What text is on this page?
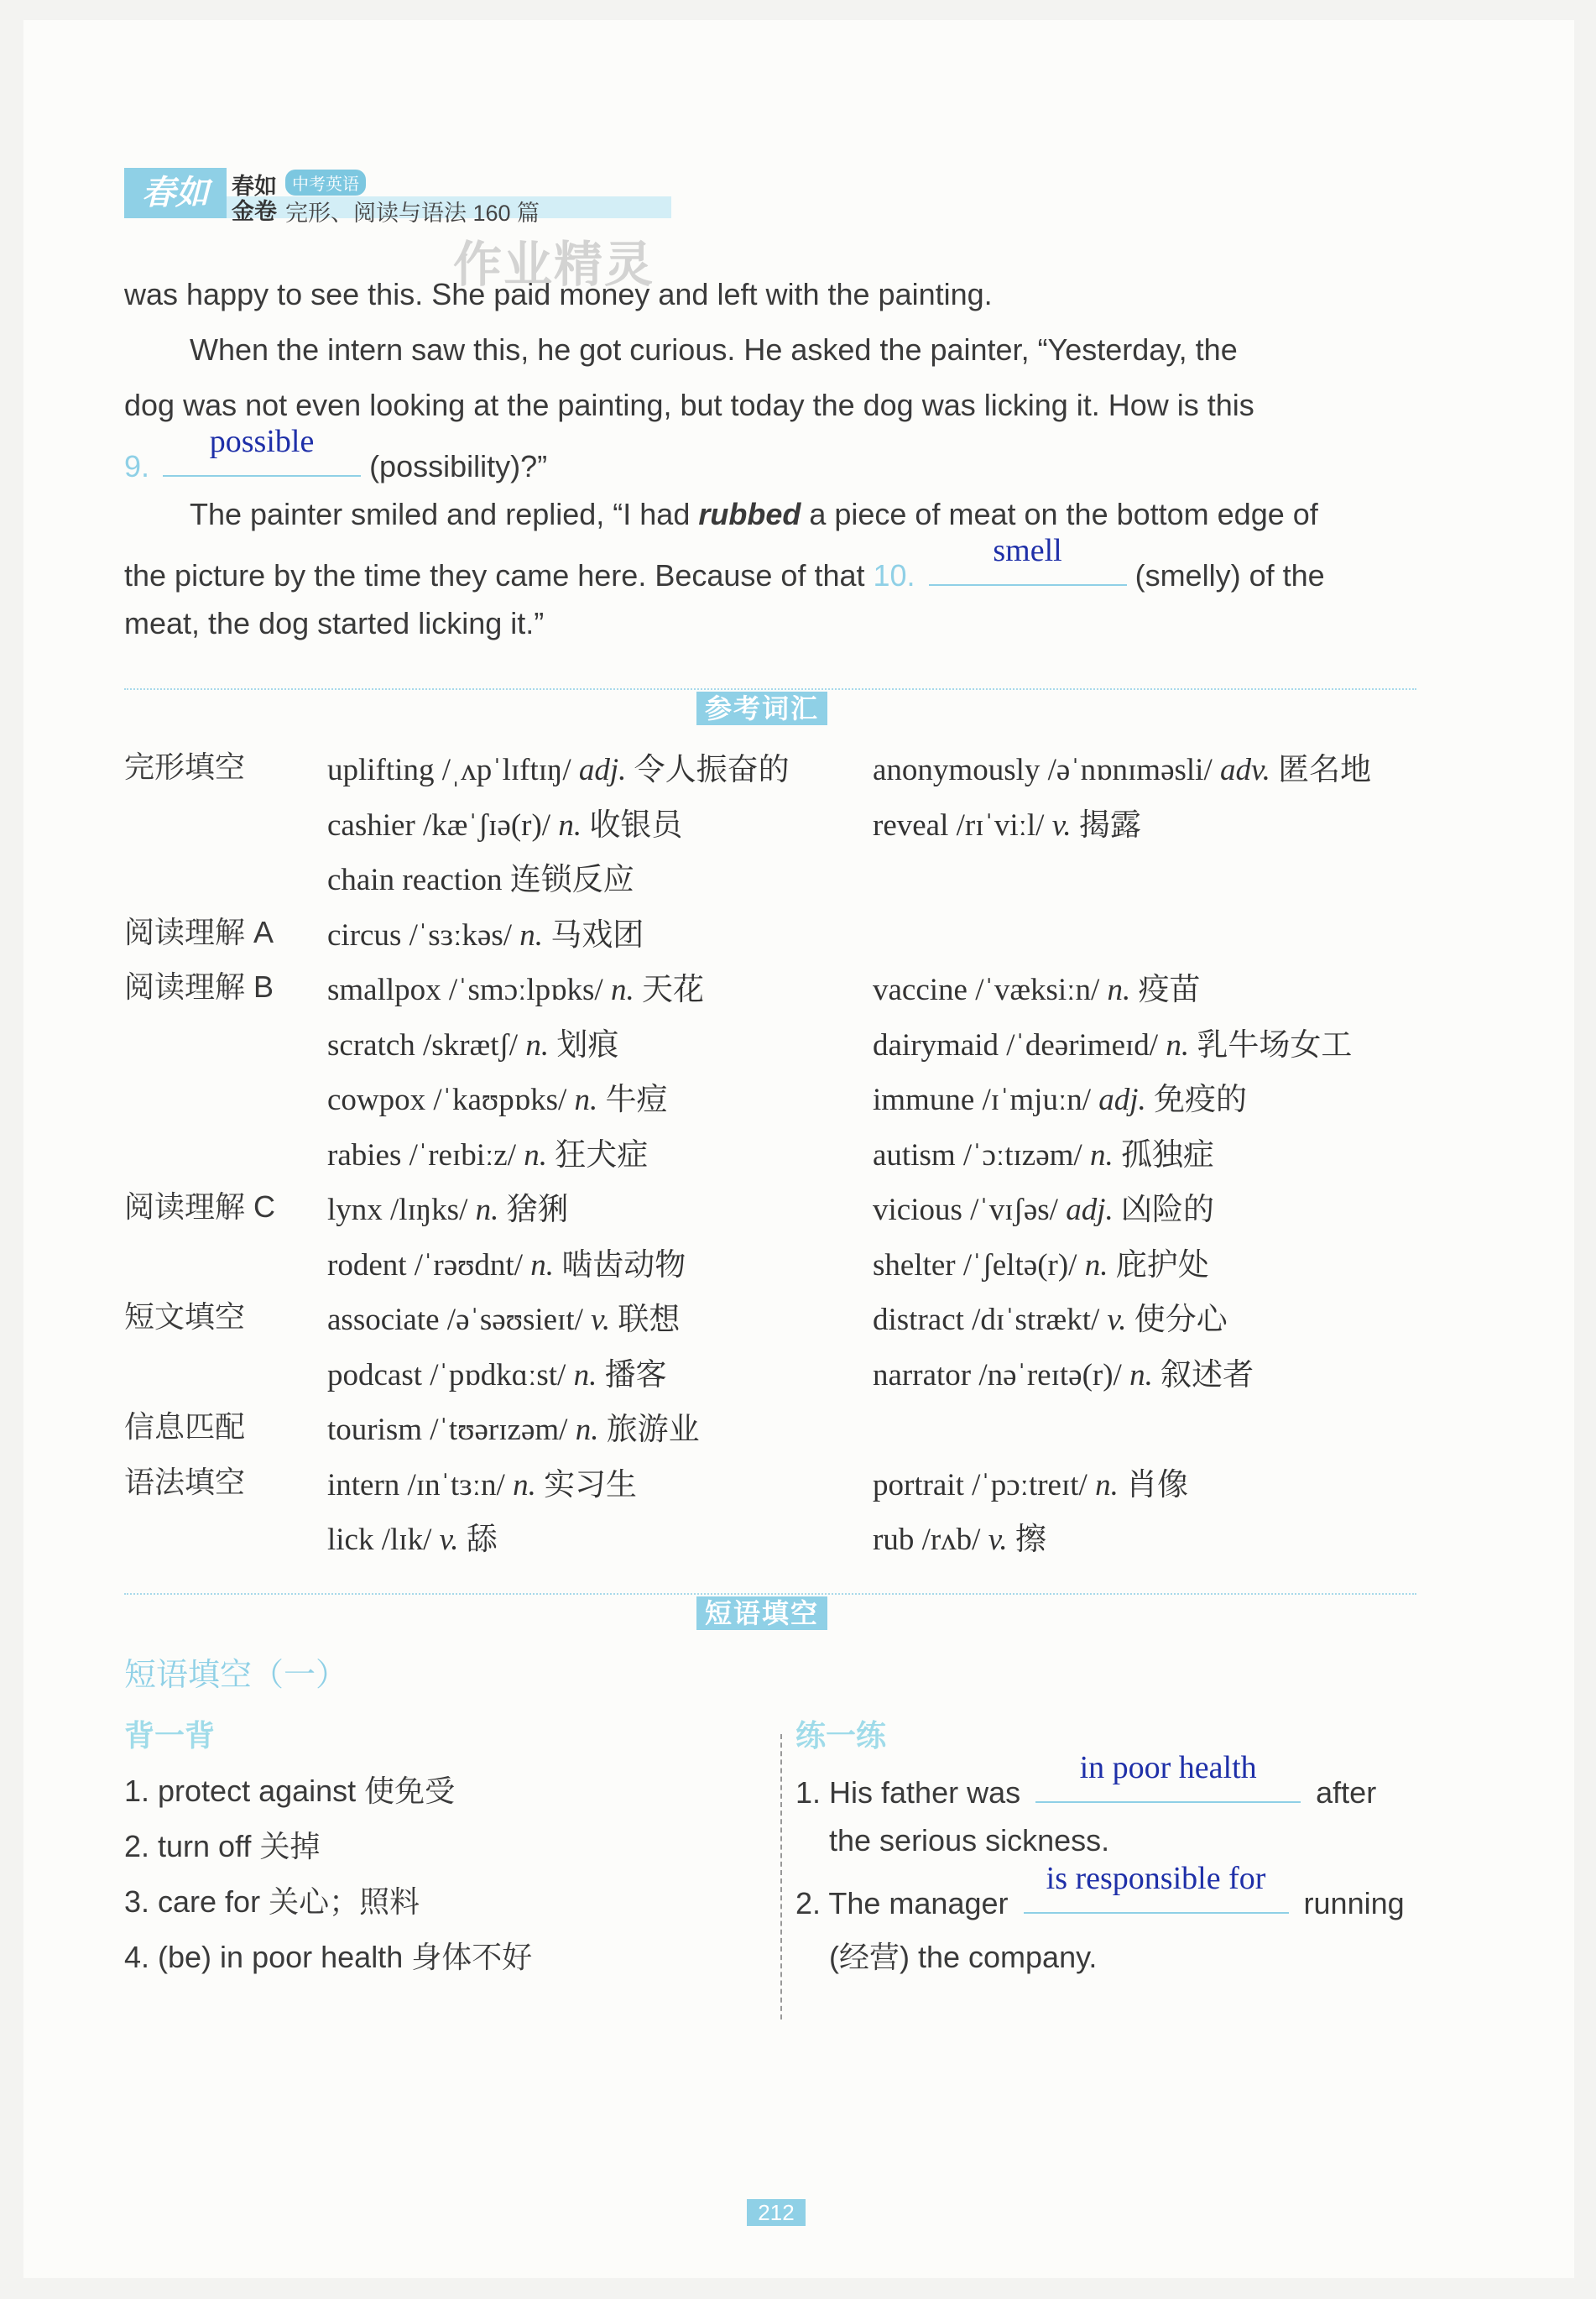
春如	春如 中考英语
金卷 完形、阅读与语法 160 篇
作业精灵
was happy to see this. She paid money and left with the painting.
When the intern saw this, he got curious. He asked the painter, “Yesterday, the
dog was not even looking at the painting, but today the dog was licking it. How is this
9.
possible
(possibility)?”
The painter smiled and replied, “I had rubbed a piece of meat on the bottom edge of
the picture by the time they came here. Because of that 10.
smell
(smelly) of the
meat, the dog started licking it.”
参考词汇
完形填空	uplifting /ˌʌpˈlɪftɪŋ/ adj. 令人振奋的	anonymously /əˈnɒnɪməsli/ adv. 匿名地
cashier /kæˈʃɪə(r)/ n. 收银员	reveal /rɪˈviːl/ v. 揭露
chain reaction 连锁反应
阅读理解 A circus /ˈsɜːkəs/ n. 马戏团
阅读理解 B smallpox /ˈsmɔːlpɒks/ n. 天花	vaccine /ˈvæksiːn/ n. 疫苗
scratch /skrætʃ/ n. 划痕	dairymaid /ˈdeərimeɪd/ n. 乳牛场女工
cowpox /ˈkaʊpɒks/ n. 牛痘	immune /ɪˈmjuːn/ adj. 免疫的
rabies /ˈreɪbiːz/ n. 狂犬症	autism /ˈɔːtɪzəm/ n. 孤独症
阅读理解 C lynx /lɪŋks/ n. 猞猁	vicious /ˈvɪʃəs/ adj. 凶险的
rodent /ˈrəʊdnt/ n. 啮齿动物	shelter /ˈʃeltə(r)/ n. 庇护处
短文填空	associate /əˈsəʊsieɪt/ v. 联想	distract /dɪˈstrækt/ v. 使分心
podcast /ˈpɒdkɑːst/ n. 播客	narrator /nəˈreɪtə(r)/ n. 叙述者
信息匹配	tourism /ˈtʊərɪzəm/ n. 旅游业
语法填空	intern /ɪnˈtɜːn/ n. 实习生	portrait /ˈpɔːtreɪt/ n. 肖像
lick /lɪk/ v. 舔	rub /rʌb/ v. 擦
短语填空
短语填空（一）
背一背	练一练
1. protect against 使免受
2. turn off 关掉
3. care for 关心；照料
4. (be) in poor health 身体不好
1. His father was
in poor health
after
the serious sickness.
2. The manager
is responsible for
running
(经营) the company.
212
